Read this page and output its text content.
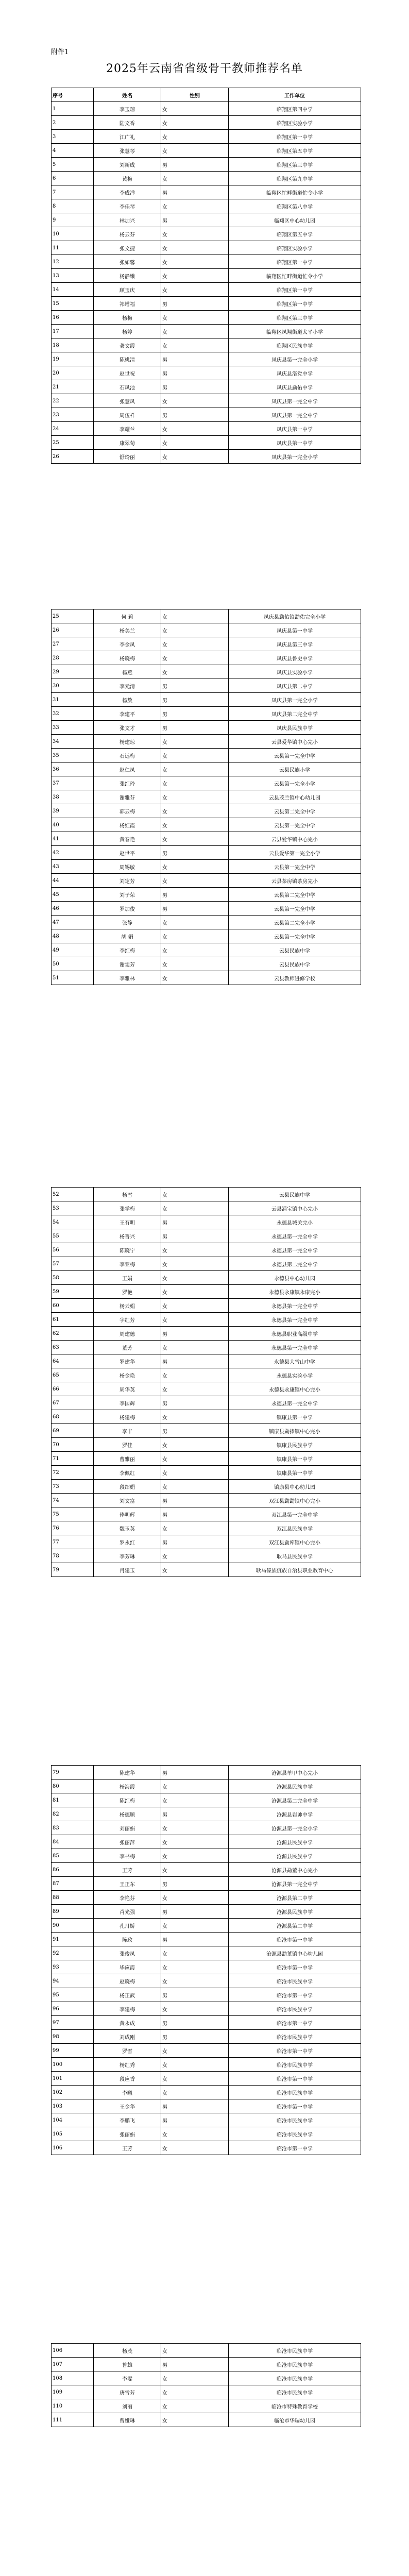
附件1
2025年云南省省级骨干教师推荐名单
序号	姓名	性别	工作单位
1	李玉琼	女	临翔区第四中学
2	陆文香	女	临翔区实验小学
3	江广礼	女	临翔区第一中学
4	张慧琴	女	临翔区第五中学
5	刘新成	男	临翔区第三中学
6	黄梅	女	临翔区第九中学
7	李成洋	男	临翔区忙畔街道忙令小学
8	李佳琴	女	临翔区第八中学
9	林加兴	男	临翔区中心幼儿园
10	杨云芬	女	临翔区第五中学
11	张文捷	女	临翔区实验小学
12	张如馨	女	临翔区第一中学
13	杨静娥	女	临翔区忙畔街道忙令小学
14	顾玉庆	女	临翔区第一中学
15	祁增福	男	临翔区第一中学
16	杨梅	女	临翔区第三中学
17	杨婷	女	临翔区凤翔街道太平小学
18	龚文霞	女	临翔区民族中学
19	陈桃清	男	凤庆县第一完全小学
20	赵世祝	男	凤庆县洛党中学
21	石凤池	男	凤庆县勐佑中学
22	张慧凤	女	凤庆县第一完全中学
23	周伍祥	男	凤庆县第一完全中学
24	李耀兰	女	凤庆县第一中学
25	康翠菊	女	凤庆县第一中学
26	舒玲丽	女	凤庆县第一完全小学
25	何 莉	女	凤庆县勐佑镇勐佑完全小学
26	杨美兰	女	凤庆县第一中学
27	李金凤	女	凤庆县第三中学
28	杨晓梅	女	凤庆县鲁史中学
29	杨燕	女	凤庆县实验小学
30	李元清	男	凤庆县第二中学
31	杨敖	男	凤庆县第一完全小学
32	李建平	男	凤庆县第二完全中学
33	张文才	男	凤庆县民族中学
34	杨建琼	女	云县爱华镇中心完小
35	石远梅	女	云县第一完全中学
36	赵仁凤	女	云县民族小学
37	张红玲	女	云县第一完全小学
38	谢雅芬	女	云县茂兰镇中心幼儿园
39	郭云梅	女	云县第二完全中学
40	杨红霞	女	云县第一完全中学
41	黄春艳	女	云县爱华镇中心完小
42	赵世平	男	云县爱华第一完全小学
43	周锡敏	女	云县第一完全中学
44	刘定芳	女	云县茶房镇茶房完小
45	刘子荣	男	云县第二完全中学
46	罗加俊	男	云县第一完全中学
47	张静	女	云县第二完全小学
48	胡 娟	女	云县第一完全中学
49	李红梅	女	云县民族中学
50	谢雯芳	女	云县民族中学
51	李雅林	女	云县教师进修学校
52	杨雪	女	云县民族中学
53	张学梅	女	云县涌宝镇中心完小
54	王有明	男	永德县城关完小
55	杨晋兴	男	永德县第一完全中学
56	陈晓宁	女	永德县第一完全中学
57	李亚梅	女	永德县第二完全中学
58	王娟	女	永德县中心幼儿园
59	罗艳	女	永德县永康镇永康完小
60	杨云娟	女	永德县第一完全中学
61	字红芳	女	永德县第一完全中学
62	周建德	男	永德县职业高级中学
63	董芳	女	永德县第一完全中学
64	罗建华	男	永德县大雪山中学
65	杨金艳	女	永德县实验小学
66	周华英	女	永德县永康镇中心完小
67	李国辉	男	永德县第一完全中学
68	杨建梅	女	镇康县第一中学
69	李丰	男	镇康县勐捧镇中心完小
70	罗佳	女	镇康县民族中学
71	曹雅丽	女	镇康县第一中学
72	李佩红	女	镇康县第一中学
73	段绍娟	女	镇康县中心幼儿园
74	刘文富	男	双江县勐勐镇中心完小
75	俸明辉	男	双江县第一完全中学
76	魏玉英	女	双江县民族中学
77	罗永红	男	双江县勐库镇中心完小
78	李芳琳	女	耿马县民族中学
79	肖建玉	女	耿马傣族佤族自治县职业教育中心
79	陈建华	男	沧源县单甲中心完小
80	杨海霞	女	沧源县民族中学
81	陈红梅	女	沧源县第二完全中学
82	杨德顺	男	沧源县岩帅中学
83	刘丽娟	女	沧源县第一完全小学
84	张丽萍	女	沧源县民族中学
85	李书梅	女	沧源县民族中学
86	王芳	女	沧源县勐董中心完小
87	王正东	男	沧源县第一完全中学
88	李艳芬	女	沧源县第二中学
89	肖光强	男	沧源县民族中学
90	孔月娇	女	沧源县第二中学
91	陈政	男	临沧市第一中学
92	张俊凤	女	沧源县勐董镇中心幼儿园
93	毕应霞	女	临沧市第一中学
94	赵晓梅	女	临沧市民族中学
95	杨正武	男	临沧市第一中学
96	李建梅	女	临沧市民族中学
97	黄永成	男	临沧市第一中学
98	刘成刚	男	临沧市民族中学
99	罗雪	女	临沧市第一中学
100	杨红秀	女	临沧市民族中学
101	段应香	女	临沧市第一中学
102	李曦	女	临沧市民族中学
103	王金华	男	临沧市第一中学
104	李鹏飞	男	临沧市民族中学
105	张丽娟	女	临沧市民族中学
106	王芳	女	临沧市第一中学
106	杨茂	女	临沧市民族中学
107	鲁雄	男	临沧市民族中学
108	李雯	女	临沧市民族中学
109	唐雪芳	女	临沧市民族中学
110	刘丽	女	临沧市特殊教育学校
111	曾娅琳	女	临沧市华瑞幼儿园
